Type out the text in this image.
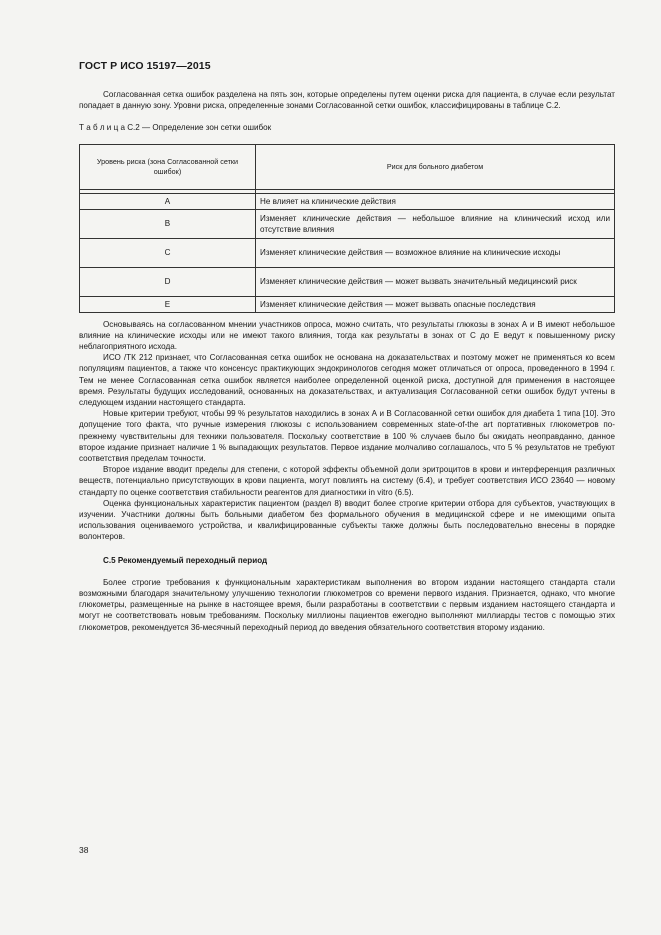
ГОСТ Р ИСО 15197—2015

Согласованная сетка ошибок разделена на пять зон, которые определены путем оценки риска для пациента, в случае если результат попадает в данную зону. Уровни риска, определенные зонами Согласованной сетки ошибок, классифицированы в таблице С.2.

Т а б л и ц а С.2 — Определение зон сетки ошибок

Уровень риска (зона Согласованной сетки ошибок)	Риск для больного диабетом

A	Не влияет на клинические действия
B	Изменяет клинические действия — небольшое влияние на клинический исход или отсутствие влияния
C	Изменяет клинические действия — возможное влияние на клинические исходы
D	Изменяет клинические действия — может вызвать значительный медицинский риск
E	Изменяет клинические действия — может вызвать опасные последствия

Основываясь на согласованном мнении участников опроса, можно считать, что результаты глюкозы в зонах А и В имеют небольшое влияние на клинические исходы или не имеют такого влияния, тогда как результаты в зонах от С до Е ведут к повышенному риску неблагоприятного исхода.

ИСО /ТК 212 признает, что Согласованная сетка ошибок не основана на доказательствах и поэтому может не применяться ко всем популяциям пациентов, а также что консенсус практикующих эндокринологов сегодня может отличаться от опроса, проведенного в 1994 г. Тем не менее Согласованная сетка ошибок является наиболее определенной оценкой риска, доступной для применения в настоящее время. Результаты будущих исследований, основанных на доказательствах, и актуализация Согласованной сетки ошибок будут учтены в следующем издании настоящего стандарта.

Новые критерии требуют, чтобы 99 % результатов находились в зонах А и В Согласованной сетки ошибок для диабета 1 типа [10]. Это допущение того факта, что ручные измерения глюкозы с использованием современных state-of-the art портативных глюкометров по-прежнему чувствительны для техники пользователя. Поскольку соответствие в 100 % случаев было бы ожидать неоправданно, данное второе издание признает наличие 1 % выпадающих результатов. Первое издание молчаливо соглашалось, что 5 % результатов не требуют соответствия пределам точности.

Второе издание вводит пределы для степени, с которой эффекты объемной доли эритроцитов в крови и интерференция различных веществ, потенциально присутствующих в крови пациента, могут повлиять на систему (6.4), и требует соответствия ИСО 23640 — новому стандарту по оценке соответствия стабильности реагентов для диагностики in vitro (6.5).

Оценка функциональных характеристик пациентом (раздел 8) вводит более строгие критерии отбора для субъектов, участвующих в изучении. Участники должны быть больными диабетом без формального обучения в медицинской сфере и не имеющими опыта использования оцениваемого устройства, и квалифицированные субъекты также должны быть последовательно внесены в порядке волонтеров.

С.5 Рекомендуемый переходный период

Более строгие требования к функциональным характеристикам выполнения во втором издании настоящего стандарта стали возможными благодаря значительному улучшению технологии глюкометров со времени первого издания. Признается, однако, что многие глюкометры, размещенные на рынке в настоящее время, были разработаны в соответствии с первым изданием настоящего стандарта и могут не соответствовать новым требованиям. Поскольку миллионы пациентов ежегодно выполняют миллиарды тестов с помощью этих глюкометров, рекомендуется 36-месячный переходный период до введения обязательного соответствия второму изданию.

38
